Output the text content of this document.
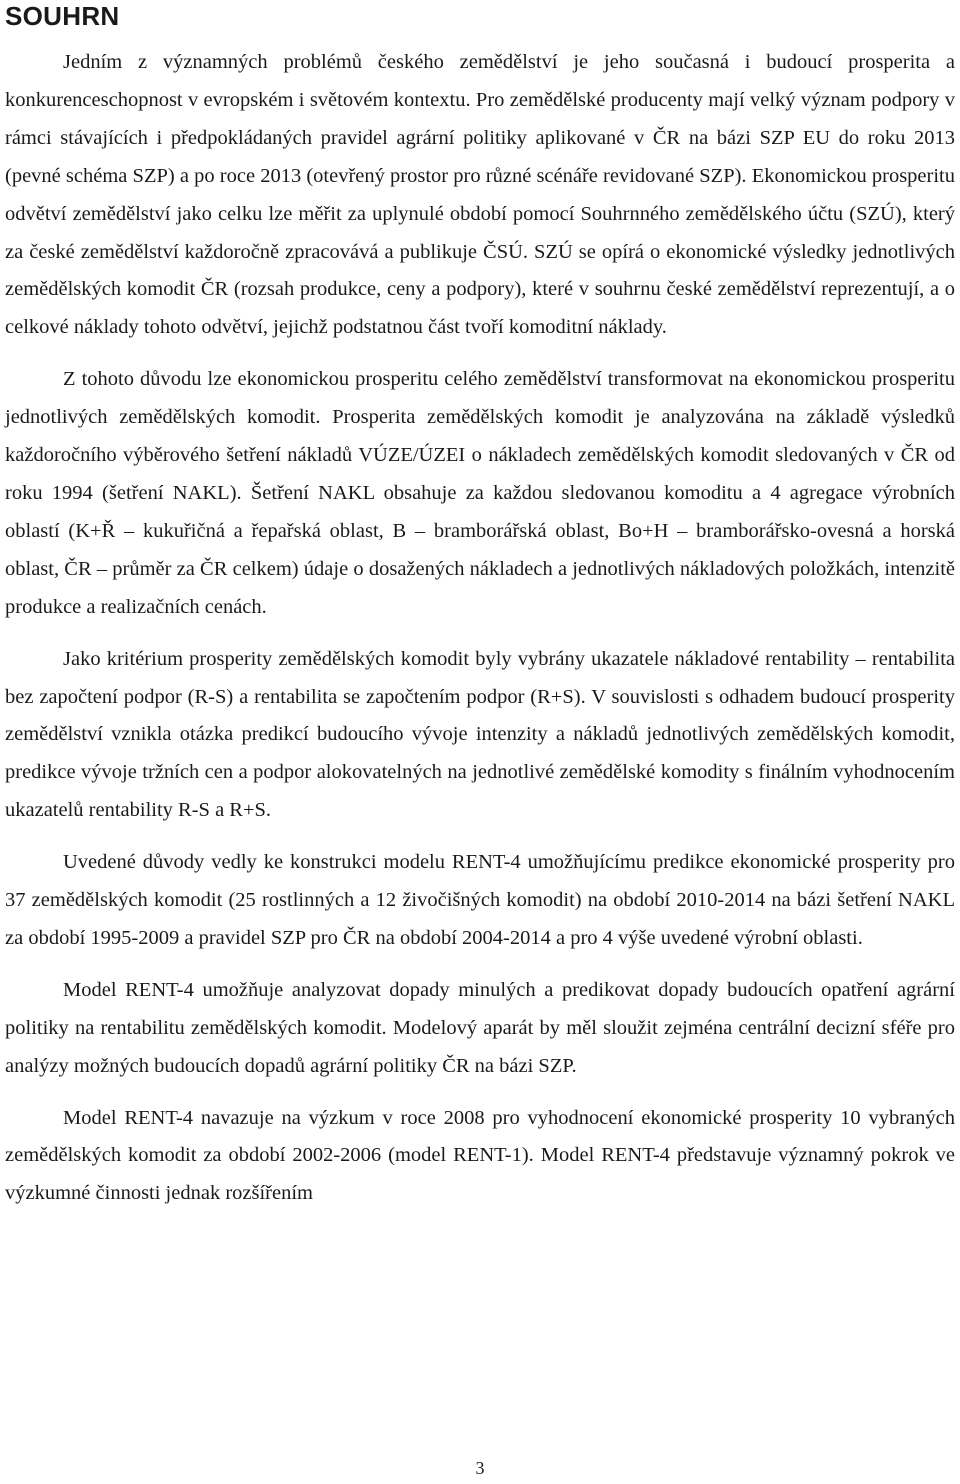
SOUHRN

Jedním z významných problémů českého zemědělství je jeho současná i budoucí prosperita a konkurenceschopnost v evropském i světovém kontextu. Pro zemědělské producenty mají velký význam podpory v rámci stávajících i předpokládaných pravidel agrární politiky aplikované v ČR na bázi SZP EU do roku 2013 (pevné schéma SZP) a po roce 2013 (otevřený prostor pro různé scénáře revidované SZP). Ekonomickou prosperitu odvětví zemědělství jako celku lze měřit za uplynulé období pomocí Souhrnného zemědělského účtu (SZÚ), který za české zemědělství každoročně zpracovává a publikuje ČSÚ. SZÚ se opírá o ekonomické výsledky jednotlivých zemědělských komodit ČR (rozsah produkce, ceny a podpory), které v souhrnu české zemědělství reprezentují, a o celkové náklady tohoto odvětví, jejichž podstatnou část tvoří komoditní náklady.

Z tohoto důvodu lze ekonomickou prosperitu celého zemědělství transformovat na ekonomickou prosperitu jednotlivých zemědělských komodit. Prosperita zemědělských komodit je analyzována na základě výsledků každoročního výběrového šetření nákladů VÚZE/ÚZEI o nákladech zemědělských komodit sledovaných v ČR od roku 1994 (šetření NAKL). Šetření NAKL obsahuje za každou sledovanou komoditu a 4 agregace výrobních oblastí (K+Ř – kukuřičná a řepařská oblast, B – bramborářská oblast, Bo+H – bramborářsko-ovesná a horská oblast, ČR – průměr za ČR celkem) údaje o dosažených nákladech a jednotlivých nákladových položkách, intenzitě produkce a realizačních cenách.

Jako kritérium prosperity zemědělských komodit byly vybrány ukazatele nákladové rentability – rentabilita bez započtení podpor (R-S) a rentabilita se započtením podpor (R+S). V souvislosti s odhadem budoucí prosperity zemědělství vznikla otázka predikcí budoucího vývoje intenzity a nákladů jednotlivých zemědělských komodit, predikce vývoje tržních cen a podpor alokovatelných na jednotlivé zemědělské komodity s finálním vyhodnocením ukazatelů rentability R-S a R+S.

Uvedené důvody vedly ke konstrukci modelu RENT-4 umožňujícímu predikce ekonomické prosperity pro 37 zemědělských komodit (25 rostlinných a 12 živočišných komodit) na období 2010-2014 na bázi šetření NAKL za období 1995-2009 a pravidel SZP pro ČR na období 2004-2014 a pro 4 výše uvedené výrobní oblasti.

Model RENT-4 umožňuje analyzovat dopady minulých a predikovat dopady budoucích opatření agrární politiky na rentabilitu zemědělských komodit. Modelový aparát by měl sloužit zejména centrální decizní sféře pro analýzy možných budoucích dopadů agrární politiky ČR na bázi SZP.

Model RENT-4 navazuje na výzkum v roce 2008 pro vyhodnocení ekonomické prosperity 10 vybraných zemědělských komodit za období 2002-2006 (model RENT-1). Model RENT-4 představuje významný pokrok ve výzkumné činnosti jednak rozšířením

3
